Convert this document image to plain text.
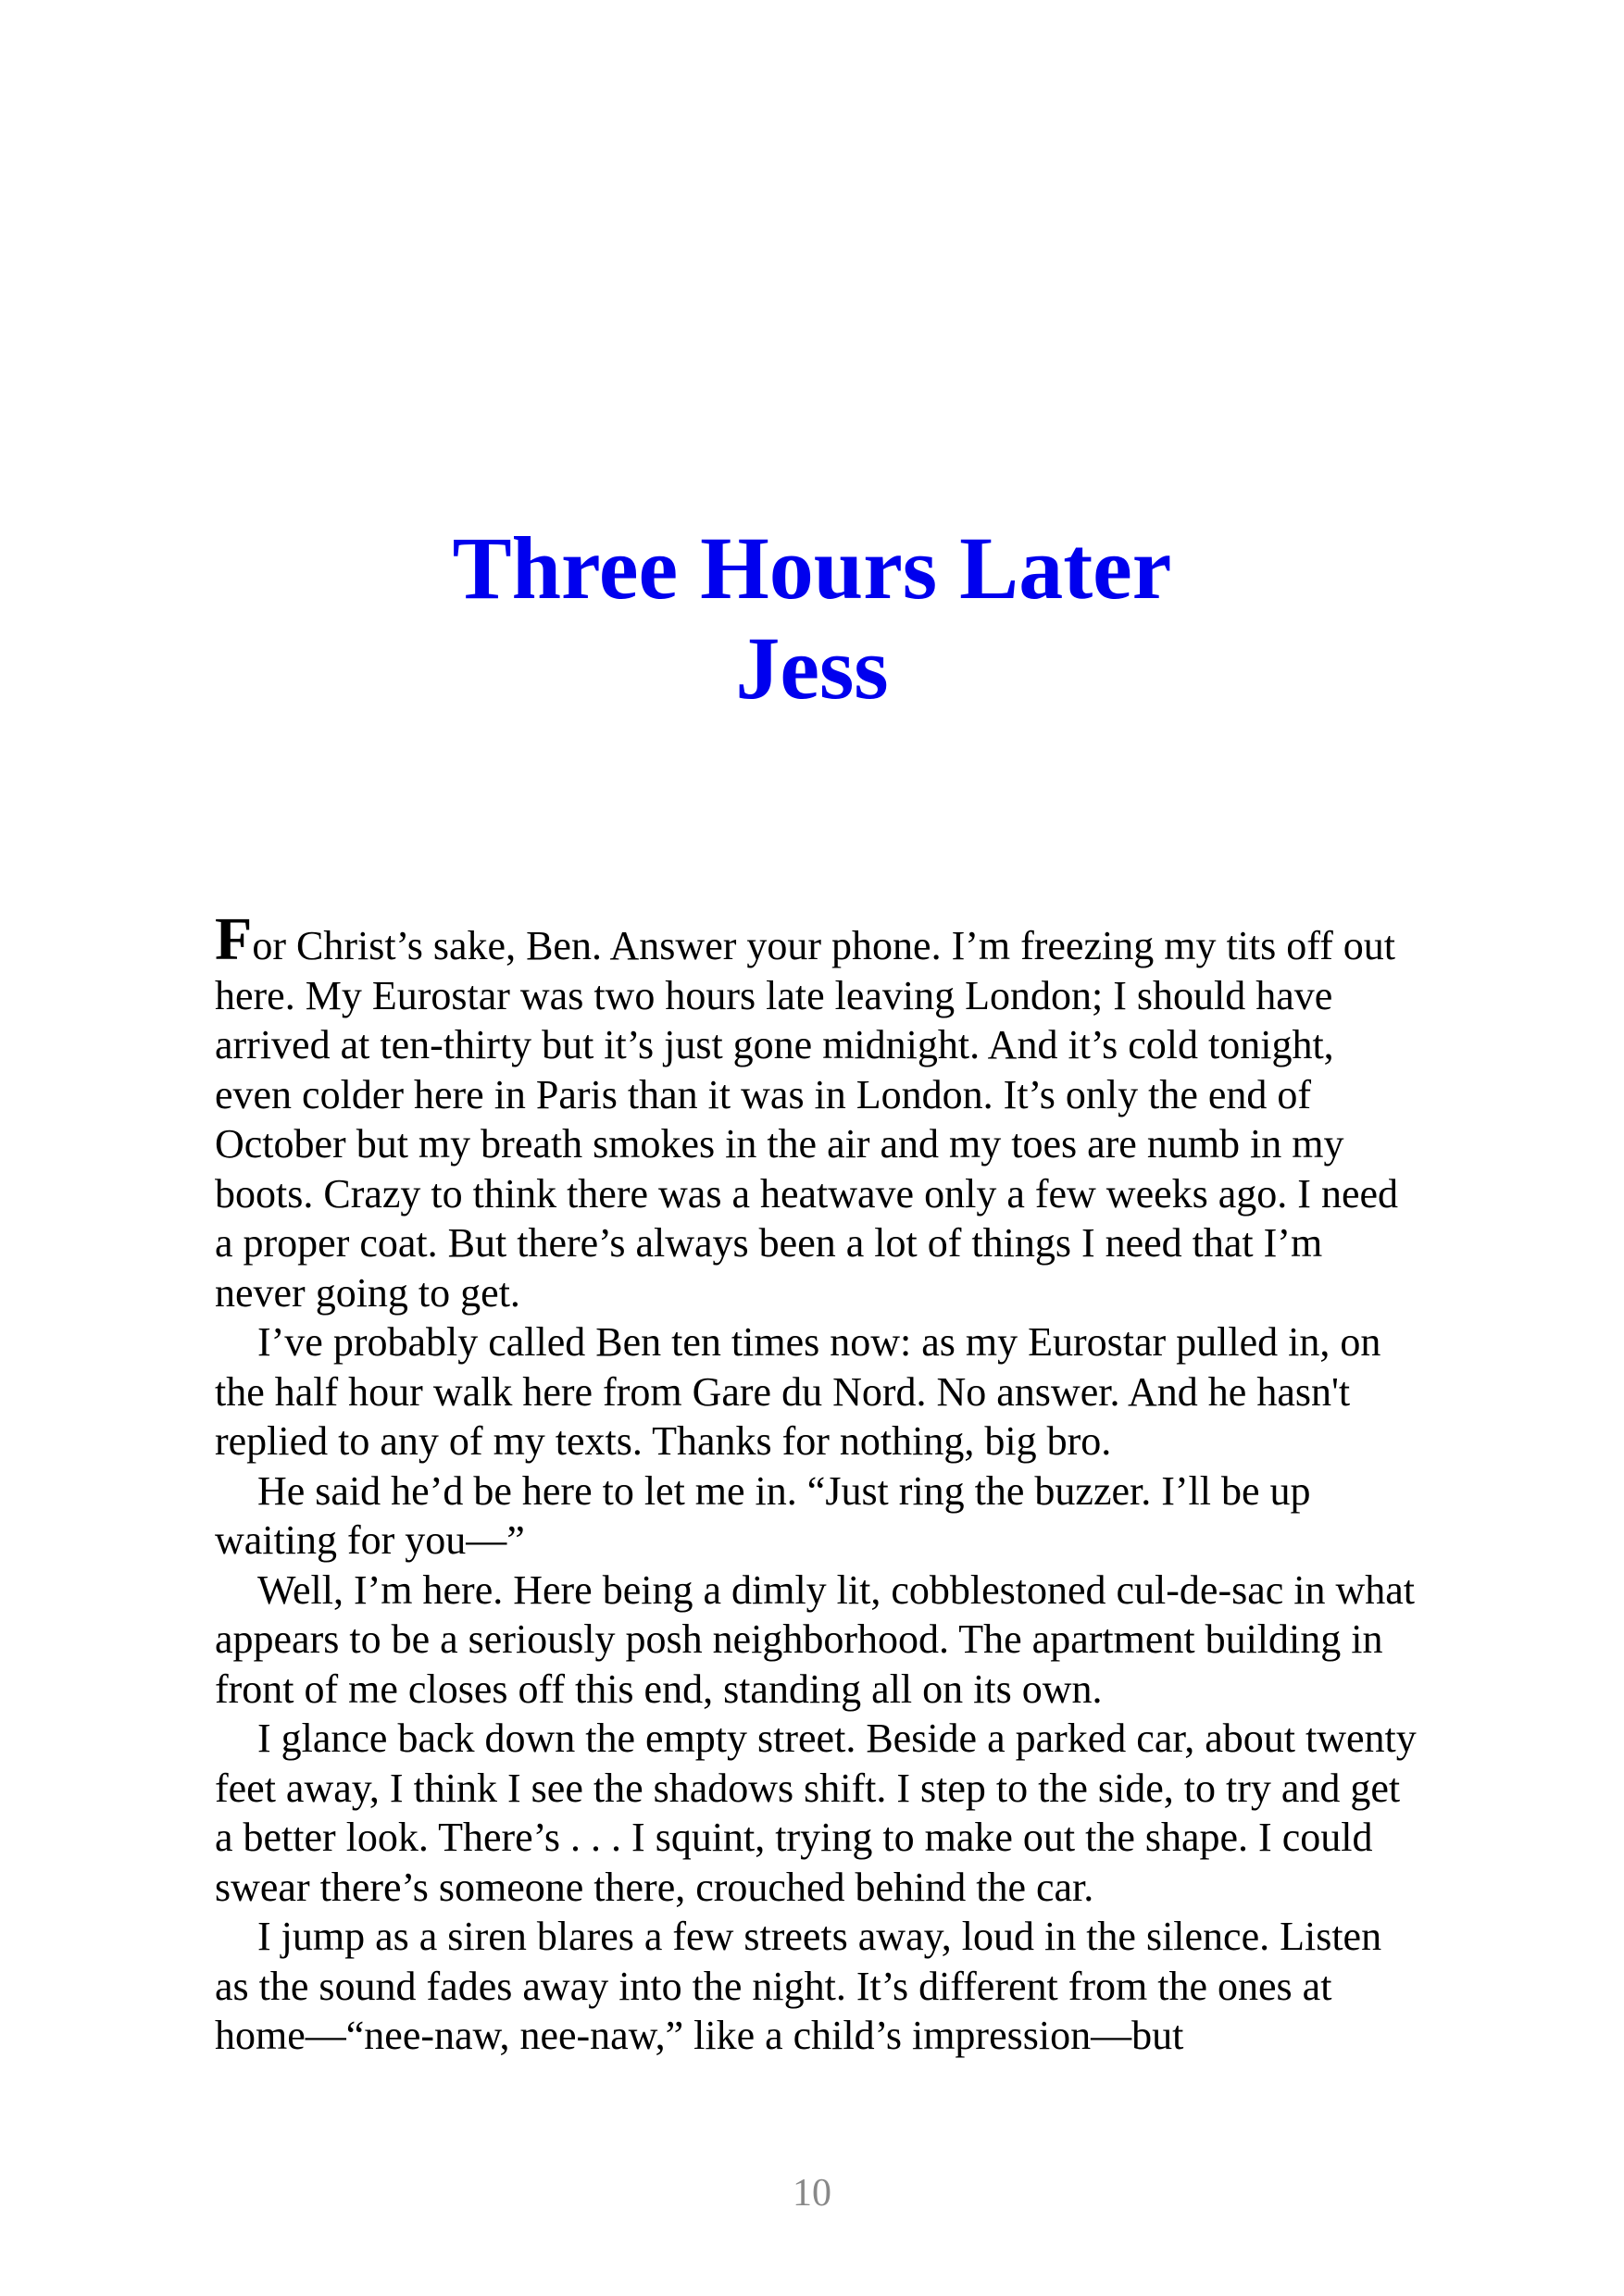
Three Hours Later
Jess

For Christ’s sake, Ben. Answer your phone. I’m freezing my tits off out here. My Eurostar was two hours late leaving London; I should have arrived at ten-thirty but it’s just gone midnight. And it’s cold tonight, even colder here in Paris than it was in London. It’s only the end of October but my breath smokes in the air and my toes are numb in my boots. Crazy to think there was a heatwave only a few weeks ago. I need a proper coat. But there’s always been a lot of things I need that I’m never going to get.

I’ve probably called Ben ten times now: as my Eurostar pulled in, on the half hour walk here from Gare du Nord. No answer. And he hasn't replied to any of my texts. Thanks for nothing, big bro.

He said he’d be here to let me in. “Just ring the buzzer. I’ll be up waiting for you—”

Well, I’m here. Here being a dimly lit, cobblestoned cul-de-sac in what appears to be a seriously posh neighborhood. The apartment building in front of me closes off this end, standing all on its own.

I glance back down the empty street. Beside a parked car, about twenty feet away, I think I see the shadows shift. I step to the side, to try and get a better look. There’s . . . I squint, trying to make out the shape. I could swear there’s someone there, crouched behind the car.

I jump as a siren blares a few streets away, loud in the silence. Listen as the sound fades away into the night. It’s different from the ones at home—“nee-naw, nee-naw,” like a child’s impression—but

10
